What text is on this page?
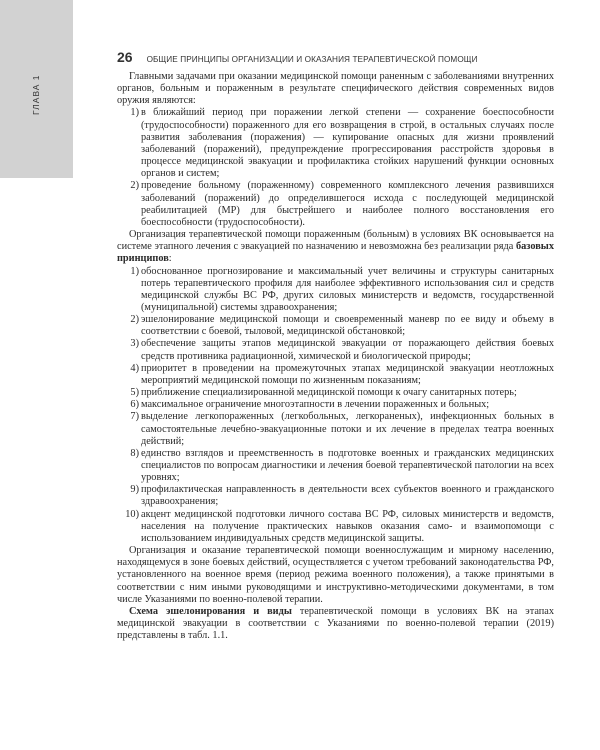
ГЛАВА 1
26 ОБЩИЕ ПРИНЦИПЫ ОРГАНИЗАЦИИ И ОКАЗАНИЯ ТЕРАПЕВТИЧЕСКОЙ ПОМОЩИ

Главными задачами при оказании медицинской помощи раненным с заболеваниями внутренних органов, больным и пораженным в результате специфического действия современных видов оружия являются:

1) в ближайший период при поражении легкой степени — сохранение боеспособности (трудоспособности) пораженного для его возвращения в строй, в остальных случаях после развития заболевания (поражения) — купирование опасных для жизни проявлений заболеваний (поражений), предупреждение прогрессирования расстройств здоровья в процессе медицинской эвакуации и профилактика стойких нарушений функции основных органов и систем;
2) проведение больному (пораженному) современного комплексного лечения развившихся заболеваний (поражений) до определившегося исхода с последующей медицинской реабилитацией (МР) для быстрейшего и наиболее полного восстановления его боеспособности (трудоспособности).

Организация терапевтической помощи пораженным (больным) в условиях ВК основывается на системе этапного лечения с эвакуацией по назначению и невозможна без реализации ряда базовых принципов:

1) обоснованное прогнозирование и максимальный учет величины и структуры санитарных потерь терапевтического профиля для наиболее эффективного использования сил и средств медицинской службы ВС РФ, других силовых министерств и ведомств, государственной (муниципальной) системы здравоохранения;
2) эшелонирование медицинской помощи и своевременный маневр по ее виду и объему в соответствии с боевой, тыловой, медицинской обстановкой;
3) обеспечение защиты этапов медицинской эвакуации от поражающего действия боевых средств противника радиационной, химической и биологической природы;
4) приоритет в проведении на промежуточных этапах медицинской эвакуации неотложных мероприятий медицинской помощи по жизненным показаниям;
5) приближение специализированной медицинской помощи к очагу санитарных потерь;
6) максимальное ограничение многоэтапности в лечении пораженных и больных;
7) выделение легкопораженных (легкобольных, легкораненых), инфекционных больных в самостоятельные лечебно-эвакуационные потоки и их лечение в пределах театра военных действий;
8) единство взглядов и преемственность в подготовке военных и гражданских медицинских специалистов по вопросам диагностики и лечения боевой терапевтической патологии на всех уровнях;
9) профилактическая направленность в деятельности всех субъектов военного и гражданского здравоохранения;
10) акцент медицинской подготовки личного состава ВС РФ, силовых министерств и ведомств, населения на получение практических навыков оказания само- и взаимопомощи с использованием индивидуальных средств медицинской защиты.

Организация и оказание терапевтической помощи военнослужащим и мирному населению, находящемуся в зоне боевых действий, осуществляется с учетом требований законодательства РФ, установленного на военное время (период режима военного положения), а также принятыми в соответствии с ним иными руководящими и инструктивно-методическими документами, в том числе Указаниями по военно-полевой терапии.

Схема эшелонирования и виды терапевтической помощи в условиях ВК на этапах медицинской эвакуации в соответствии с Указаниями по военно-полевой терапии (2019) представлены в табл. 1.1.
